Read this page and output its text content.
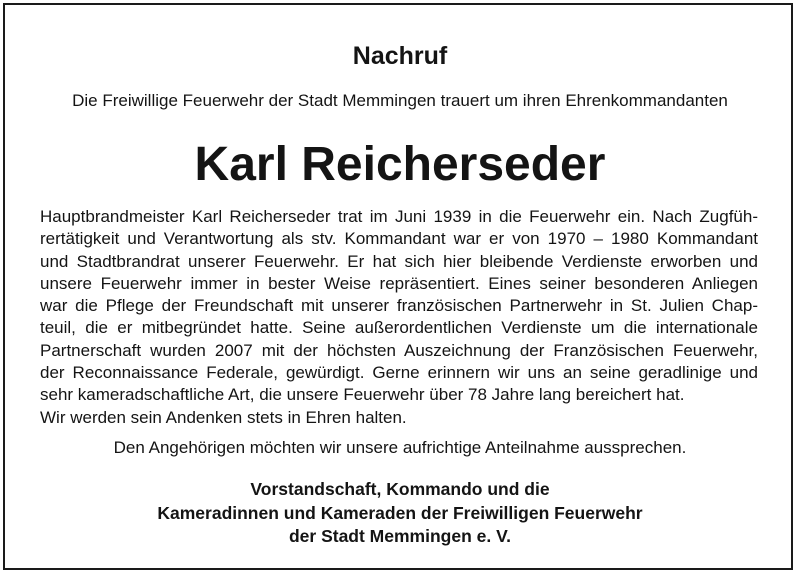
Nachruf
Die Freiwillige Feuerwehr der Stadt Memmingen trauert um ihren Ehrenkommandanten
Karl Reicherseder
Hauptbrandmeister Karl Reicherseder trat im Juni 1939 in die Feuerwehr ein. Nach Zugfüh-
rertätigkeit und Verantwortung als stv. Kommandant war er von 1970 – 1980 Kommandant
und Stadtbrandrat unserer Feuerwehr. Er hat sich hier bleibende Verdienste erworben und
unsere Feuerwehr immer in bester Weise repräsentiert. Eines seiner besonderen Anliegen
war die Pflege der Freundschaft mit unserer französischen Partnerwehr in St. Julien Chap-
teuil, die er mitbegründet hatte. Seine außerordentlichen Verdienste um die internationale
Partnerschaft wurden 2007 mit der höchsten Auszeichnung der Französischen Feuerwehr,
der Reconnaissance Federale, gewürdigt. Gerne erinnern wir uns an seine geradlinige und
sehr kameradschaftliche Art, die unsere Feuerwehr über 78 Jahre lang bereichert hat.
Wir werden sein Andenken stets in Ehren halten.
Den Angehörigen möchten wir unsere aufrichtige Anteilnahme aussprechen.
Vorstandschaft, Kommando und die
Kameradinnen und Kameraden der Freiwilligen Feuerwehr
der Stadt Memmingen e. V.
